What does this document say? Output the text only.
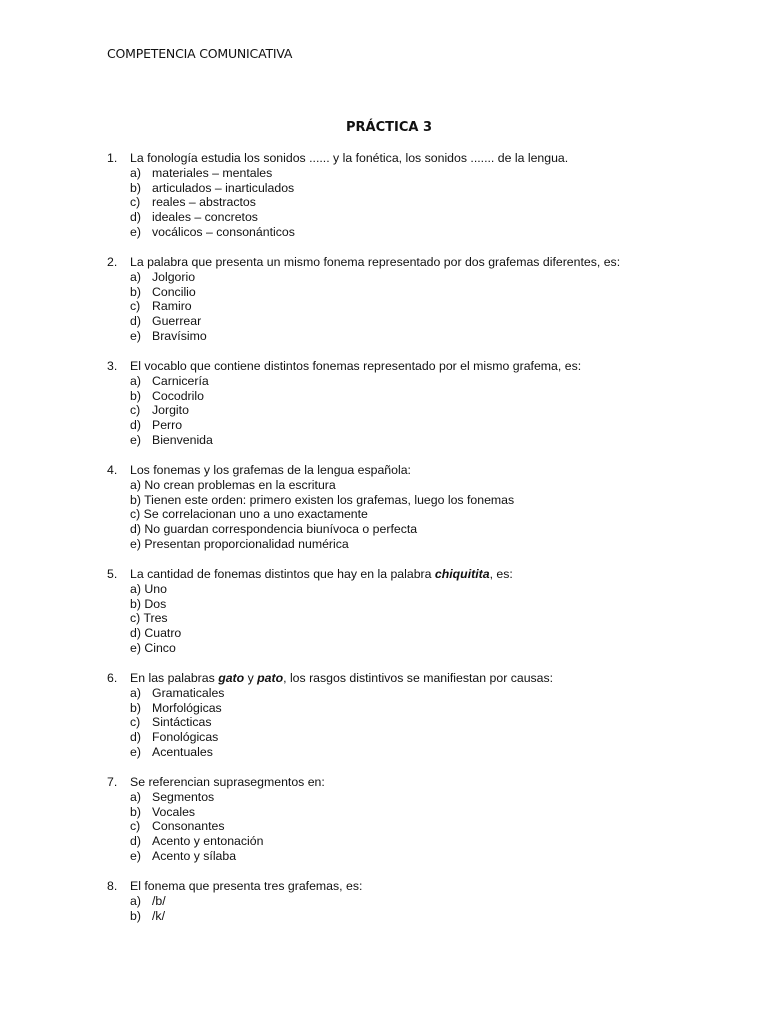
COMPETENCIA COMUNICATIVA
PRÁCTICA 3
1.	La fonología estudia los sonidos ...... y la fonética, los sonidos ....... de la lengua.
a) materiales – mentales
b) articulados – inarticulados
c) reales – abstractos
d) ideales – concretos
e) vocálicos – consonánticos
2.	La palabra que presenta un mismo fonema representado por dos grafemas diferentes, es:
a) Jolgorio
b) Concilio
c) Ramiro
d) Guerrear
e) Bravísimo
3.	El vocablo que contiene distintos fonemas representado por el mismo grafema, es:
a) Carnicería
b) Cocodrilo
c) Jorgito
d) Perro
e) Bienvenida
4.	Los fonemas y los grafemas de la lengua española:
a) No crean problemas en la escritura
b) Tienen este orden: primero existen los grafemas, luego los fonemas
c) Se correlacionan uno a uno exactamente
d) No guardan correspondencia biunívoca o perfecta
e) Presentan proporcionalidad numérica
5.	La cantidad de fonemas distintos que hay en la palabra chiquitita, es:
a) Uno
b) Dos
c) Tres
d) Cuatro
e) Cinco
6.	En las palabras gato y pato, los rasgos distintivos se manifiestan por causas:
a) Gramaticales
b) Morfológicas
c) Sintácticas
d) Fonológicas
e) Acentuales
7.	Se referencian suprasegmentos en:
a) Segmentos
b) Vocales
c) Consonantes
d) Acento y entonación
e) Acento y sílaba
8.	El fonema que presenta tres grafemas, es:
a) /b/
b) /k/
